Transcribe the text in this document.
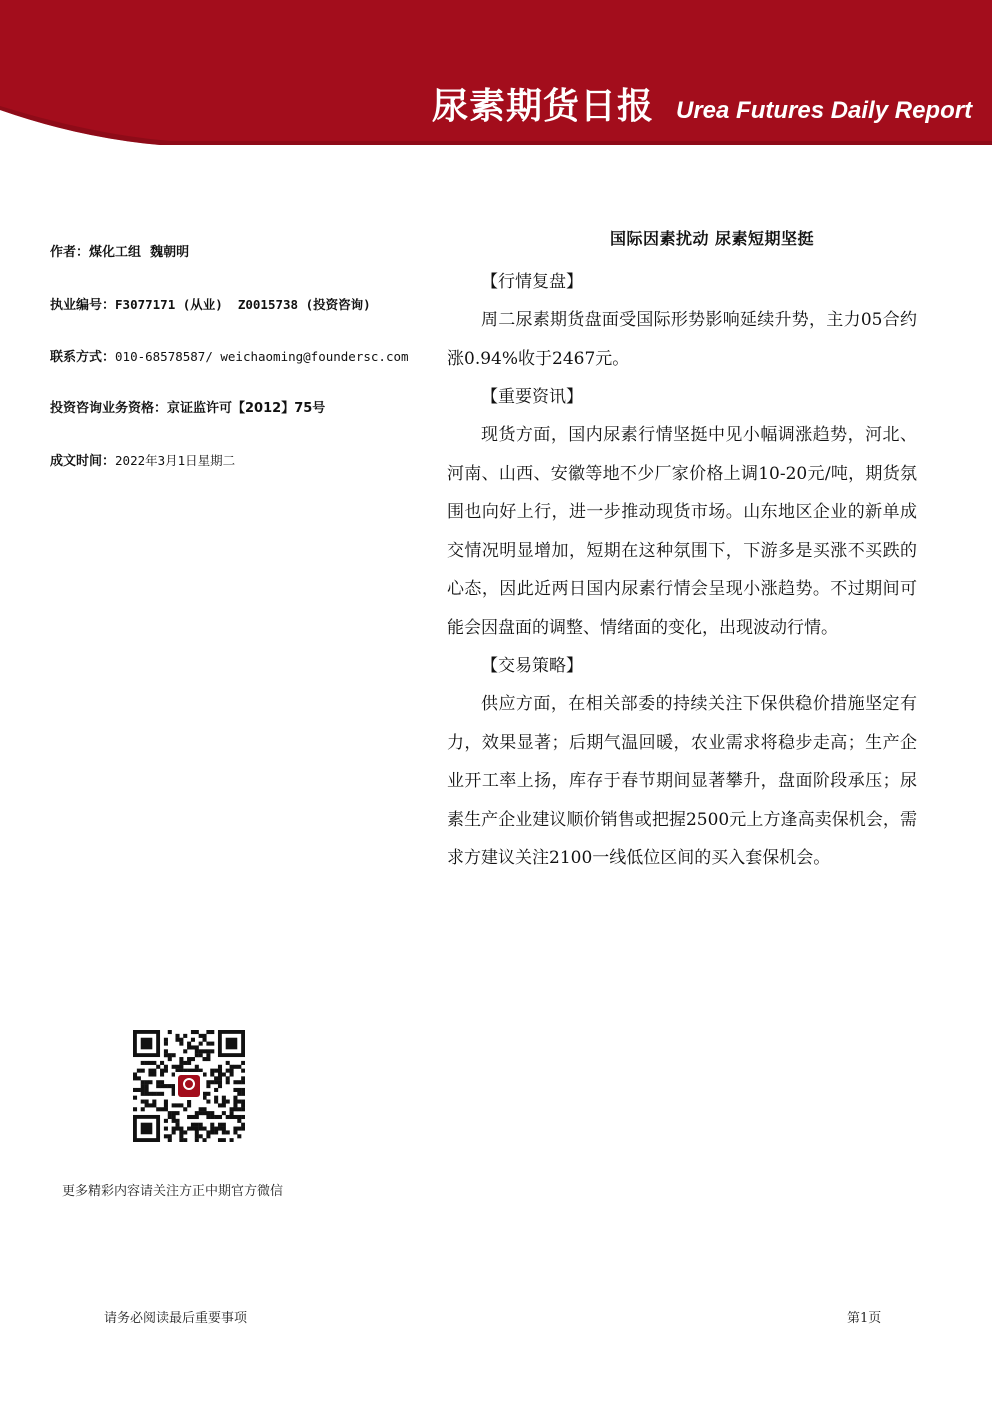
尿素期货日报 Urea Futures Daily Report
作者：煤化工组  魏朝明
执业编号：F3077171 (从业)  Z0015738 (投资咨询)
联系方式：010-68578587/ weichaoming@foundersc.com
投资咨询业务资格：京证监许可【2012】75号
成文时间：2022年3月1日星期二
国际因素扰动 尿素短期坚挺
【行情复盘】

周二尿素期货盘面受国际形势影响延续升势，主力05合约涨0.94%收于2467元。

【重要资讯】

现货方面，国内尿素行情坚挺中见小幅调涨趋势，河北、河南、山西、安徽等地不少厂家价格上调10-20元/吨，期货氛围也向好上行，进一步推动现货市场。山东地区企业的新单成交情况明显增加，短期在这种氛围下，下游多是买涨不买跌的心态，因此近两日国内尿素行情会呈现小涨趋势。不过期间可能会因盘面的调整、情绪面的变化，出现波动行情。

【交易策略】

供应方面，在相关部委的持续关注下保供稳价措施坚定有力，效果显著；后期气温回暖，农业需求将稳步走高；生产企业开工率上扬，库存于春节期间显著攀升，盘面阶段承压；尿素生产企业建议顺价销售或把握2500元上方逢高卖保机会，需求方建议关注2100一线低位区间的买入套保机会。

更多精彩内容请关注方正中期官方微信
请务必阅读最后重要事项	第1页
